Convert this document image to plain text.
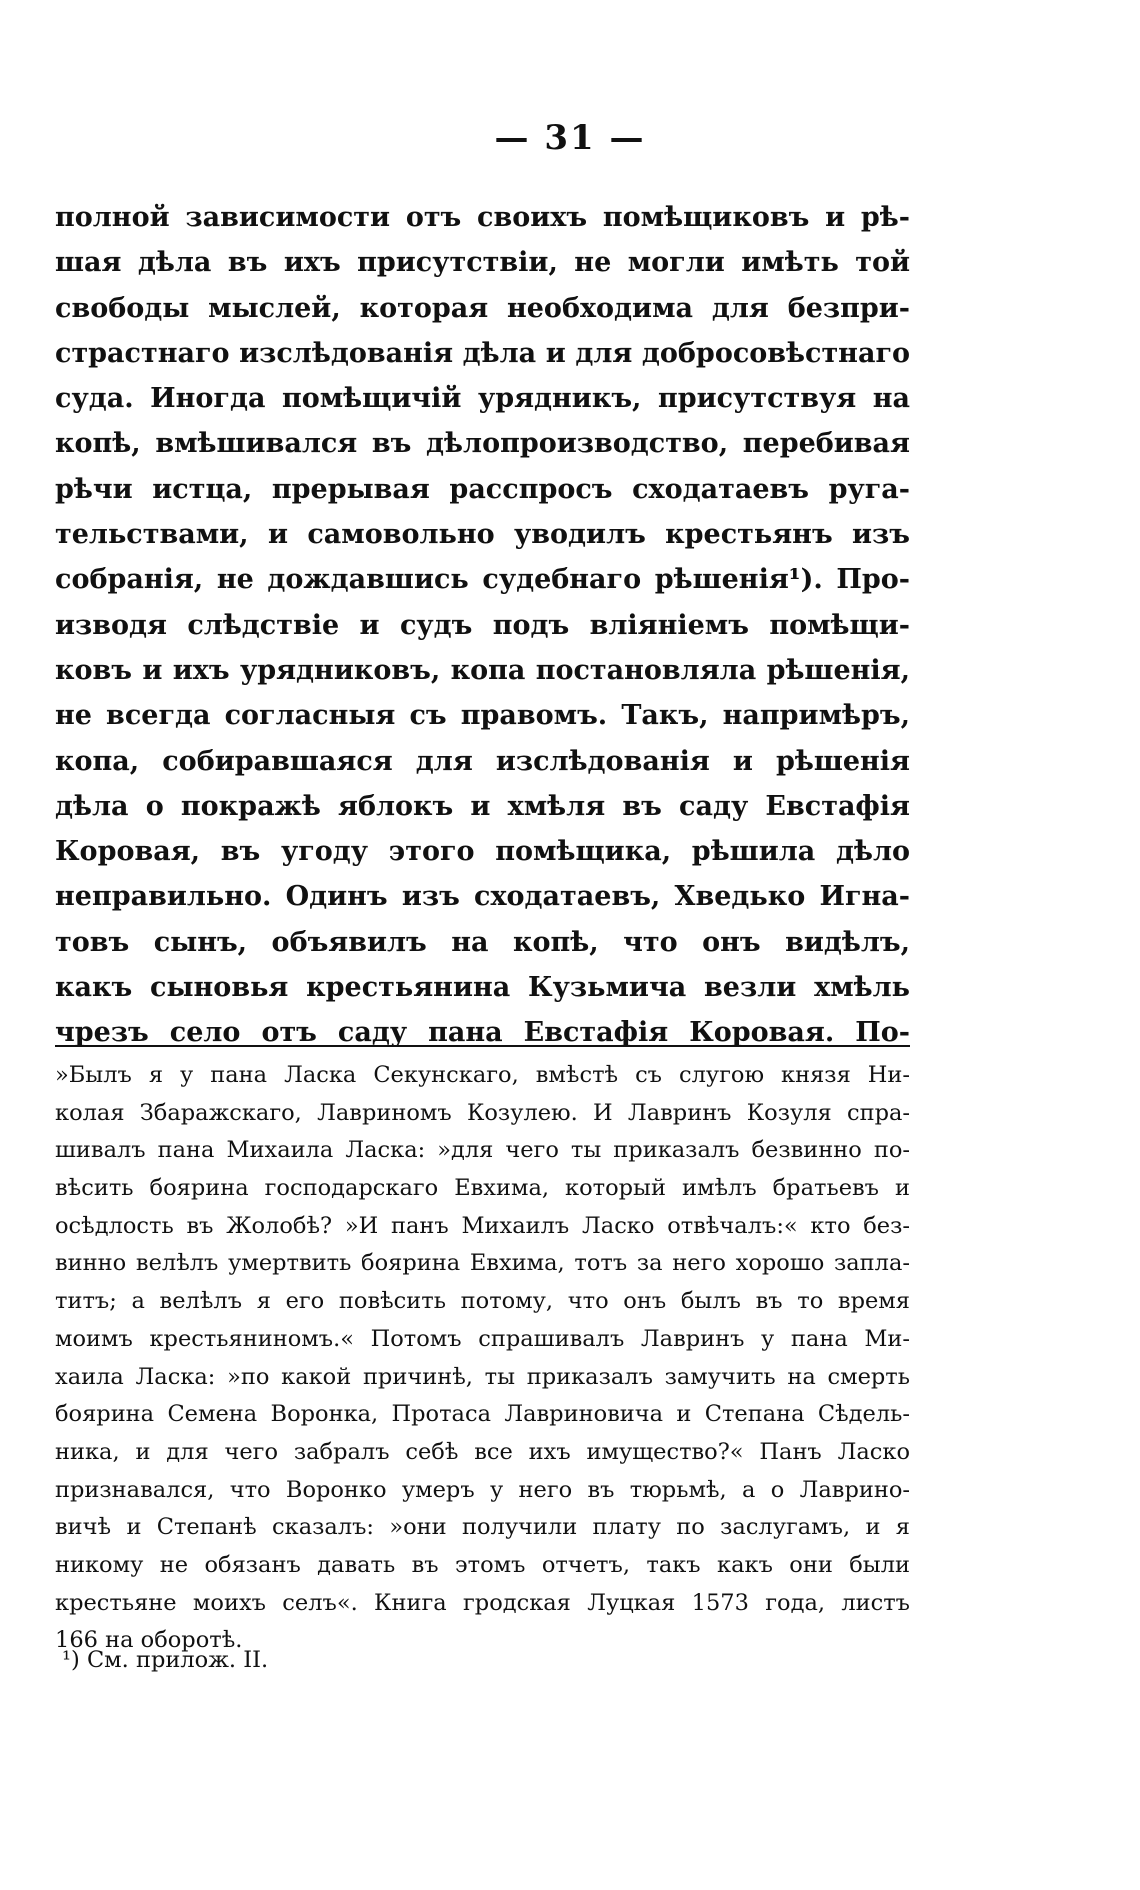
— 31 —
полной зависимости отъ своихъ помѣщиковъ и рѣ-
шая дѣла въ ихъ присутствіи, не могли имѣть той
свободы мыслей, которая необходима для безпри-
страстнаго изслѣдованія дѣла и для добросовѣстнаго
суда. Иногда помѣщичій урядникъ, присутствуя на
копѣ, вмѣшивался въ дѣлопроизводство, перебивая
рѣчи истца, прерывая расспросъ сходатаевъ руга-
тельствами, и самовольно уводилъ крестьянъ изъ
собранія, не дождавшись судебнаго рѣшенія¹). Про-
изводя слѣдствіе и судъ подъ вліяніемъ помѣщи-
ковъ и ихъ урядниковъ, копа постановляла рѣшенія,
не всегда согласныя съ правомъ. Такъ, напримѣръ,
копа, собиравшаяся для изслѣдованія и рѣшенія
дѣла о покражѣ яблокъ и хмѣля въ саду Евстафія
Коровая, въ угоду этого помѣщика, рѣшила дѣло
неправильно. Одинъ изъ сходатаевъ, Хведько Игна-
товъ сынъ, объявилъ на копѣ, что онъ видѣлъ,
какъ сыновья крестьянина Кузьмича везли хмѣль
чрезъ село отъ саду пана Евстафія Коровая. По-
»Былъ я у пана Ласка Секунскаго, вмѣстѣ съ слугою князя Ни-
колая Збаражскаго, Лавриномъ Козулею. И Лавринъ Козуля спра-
шивалъ пана Михаила Ласка: »для чего ты приказалъ безвинно по-
вѣсить боярина господарскаго Евхима, который имѣлъ братьевъ и
осѣдлость въ Жолобѣ? »И панъ Михаилъ Ласко отвѣчалъ:« кто без-
винно велѣлъ умертвить боярина Евхима, тотъ за него хорошо запла-
титъ; а велѣлъ я его повѣсить потому, что онъ былъ въ то время
моимъ крестьяниномъ.« Потомъ спрашивалъ Лавринъ у пана Ми-
хаила Ласка: »по какой причинѣ, ты приказалъ замучить на смерть
боярина Семена Воронка, Протаса Лавриновича и Степана Сѣдель-
ника, и для чего забралъ себѣ все ихъ имущество?« Панъ Ласко
признавался, что Воронко умеръ у него въ тюрьмѣ, а о Лаврино-
вичѣ и Степанѣ сказалъ: »они получили плату по заслугамъ, и я
никому не обязанъ давать въ этомъ отчетъ, такъ какъ они были
крестьяне моихъ селъ«. Книга гродская Луцкая 1573 года, листъ
166 на оборотѣ.
¹) См. прилож. II.
